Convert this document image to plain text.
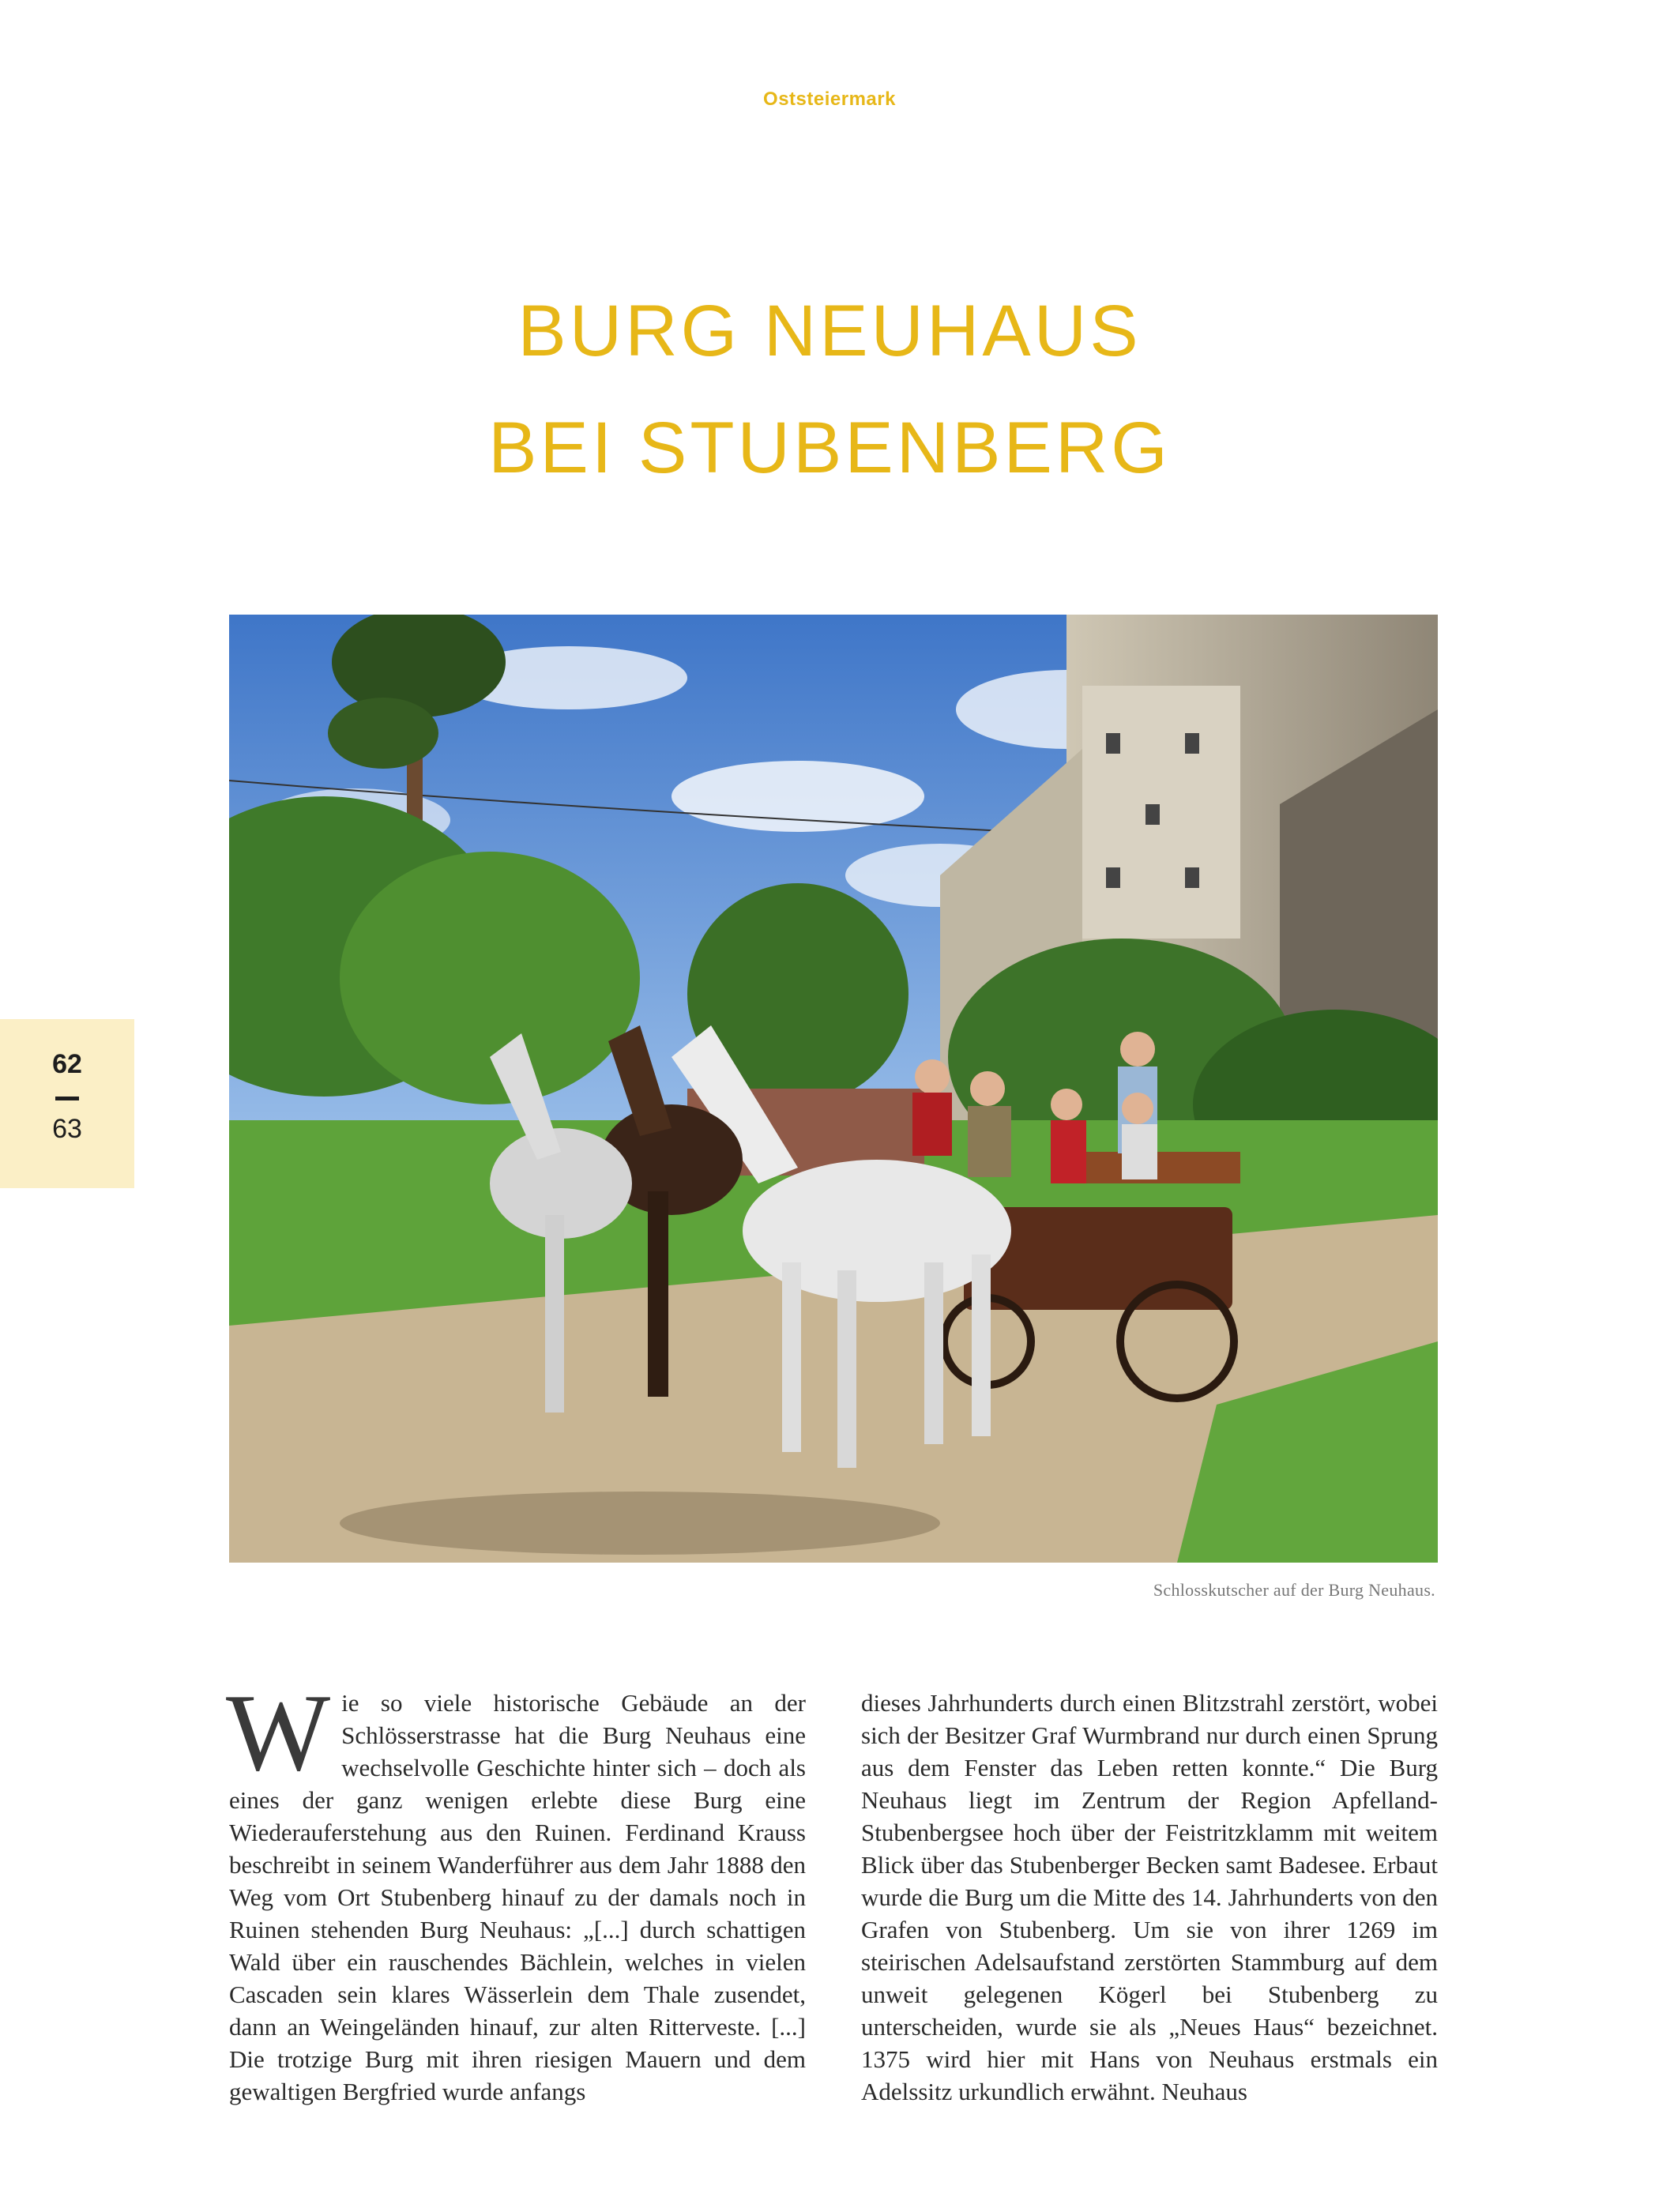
Oststeiermark
BURG NEUHAUS
BEI STUBENBERG
62
63
Schlosskutscher auf der Burg Neuhaus.
W ie so viele historische Gebäude an der Schlösserstrasse hat die Burg Neuhaus eine wechselvolle Geschichte hinter sich – doch als eines der ganz wenigen erlebte diese Burg eine Wiederauferstehung aus den Ruinen. Ferdinand Krauss beschreibt in seinem Wanderführer aus dem Jahr 1888 den Weg vom Ort Stubenberg hinauf zu der damals noch in Ruinen stehenden Burg Neuhaus: „[...] durch schattigen Wald über ein rauschendes Bächlein, welches in vielen Cascaden sein klares Wässerlein dem Thale zusendet, dann an Weingeländen hinauf, zur alten Ritterveste. [...] Die trotzige Burg mit ihren riesigen Mauern und dem gewaltigen Bergfried wurde anfangs
dieses Jahrhunderts durch einen Blitzstrahl zerstört, wobei sich der Besitzer Graf Wurmbrand nur durch einen Sprung aus dem Fenster das Leben retten konnte.“ Die Burg Neuhaus liegt im Zentrum der Region Apfelland-Stubenbergsee hoch über der Feistritzklamm mit weitem Blick über das Stubenberger Becken samt Badesee. Erbaut wurde die Burg um die Mitte des 14. Jahrhunderts von den Grafen von Stubenberg. Um sie von ihrer 1269 im steirischen Adelsaufstand zerstörten Stammburg auf dem unweit gelegenen Kögerl bei Stubenberg zu unterscheiden, wurde sie als „Neues Haus“ bezeichnet. 1375 wird hier mit Hans von Neuhaus erstmals ein Adelssitz urkundlich erwähnt. Neuhaus
